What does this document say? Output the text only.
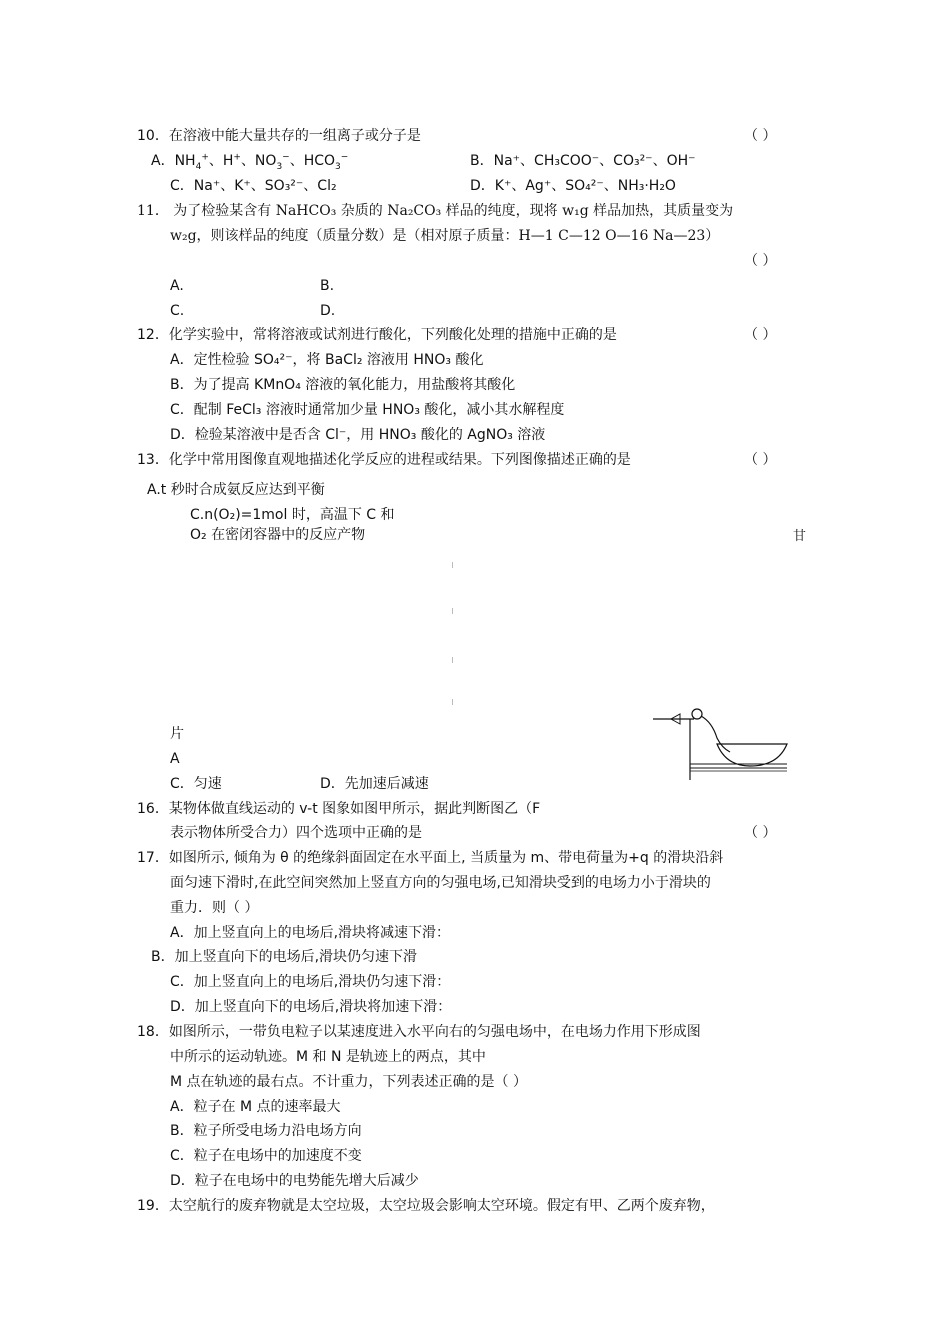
10．在溶液中能大量共存的一组离子或分子是	（ ）
A．$NH_4^+$、H+、$NO_3^-$、$HCO_3^-$	B．Na⁺、CH₃COO⁻、CO₃²⁻、OH⁻
C．Na⁺、K⁺、SO₃²⁻、Cl₂	D．K⁺、Ag⁺、SO₄²⁻、NH₃·H₂O
11． 为了检验某含有 NaHCO₃ 杂质的 Na₂CO₃ 样品的纯度，现将 w₁g 样品加热，其质量变为
w₂g，则该样品的纯度（质量分数）是（相对原子质量：H—1 C—12 O—16 Na—23）
（ ）
A.	B.
C.	D.
12．化学实验中，常将溶液或试剂进行酸化，下列酸化处理的措施中正确的是	（ ）
A．定性检验 SO₄²⁻，将 BaCl₂ 溶液用 HNO₃ 酸化
B．为了提高 KMnO₄ 溶液的氧化能力，用盐酸将其酸化
C．配制 FeCl₃ 溶液时通常加少量 HNO₃ 酸化，减小其水解程度
D．检验某溶液中是否含 Cl⁻，用 HNO₃ 酸化的 AgNO₃ 溶液
13．化学中常用图像直观地描述化学反应的进程或结果。下列图像描述正确的是	（ ）
A.t 秒时合成氨反应达到平衡
C.n(O₂)=1mol 时，高温下 C 和
O₂ 在密闭容器中的反应产物	甘
片
A
C．匀速	D．先加速后减速
16．某物体做直线运动的 v-t 图象如图甲所示，据此判断图乙（F
表示物体所受合力）四个选项中正确的是	（ ）
17．如图所示, 倾角为 θ 的绝缘斜面固定在水平面上, 当质量为 m、带电荷量为+q 的滑块沿斜
面匀速下滑时,在此空间突然加上竖直方向的匀强电场,已知滑块受到的电场力小于滑块的
重力．则（ ）
A．加上竖直向上的电场后,滑块将减速下滑：
B．加上竖直向下的电场后,滑块仍匀速下滑
C．加上竖直向上的电场后,滑块仍匀速下滑：
D．加上竖直向下的电场后,滑块将加速下滑：
18．如图所示，一带负电粒子以某速度进入水平向右的匀强电场中，在电场力作用下形成图
中所示的运动轨迹。M 和 N 是轨迹上的两点，其中
M 点在轨迹的最右点。不计重力，下列表述正确的是（ ）
A．粒子在 M 点的速率最大
B．粒子所受电场力沿电场方向
C．粒子在电场中的加速度不变
D．粒子在电场中的电势能先增大后减少
19．太空航行的废弃物就是太空垃圾，太空垃圾会影响太空环境。假定有甲、乙两个废弃物，
